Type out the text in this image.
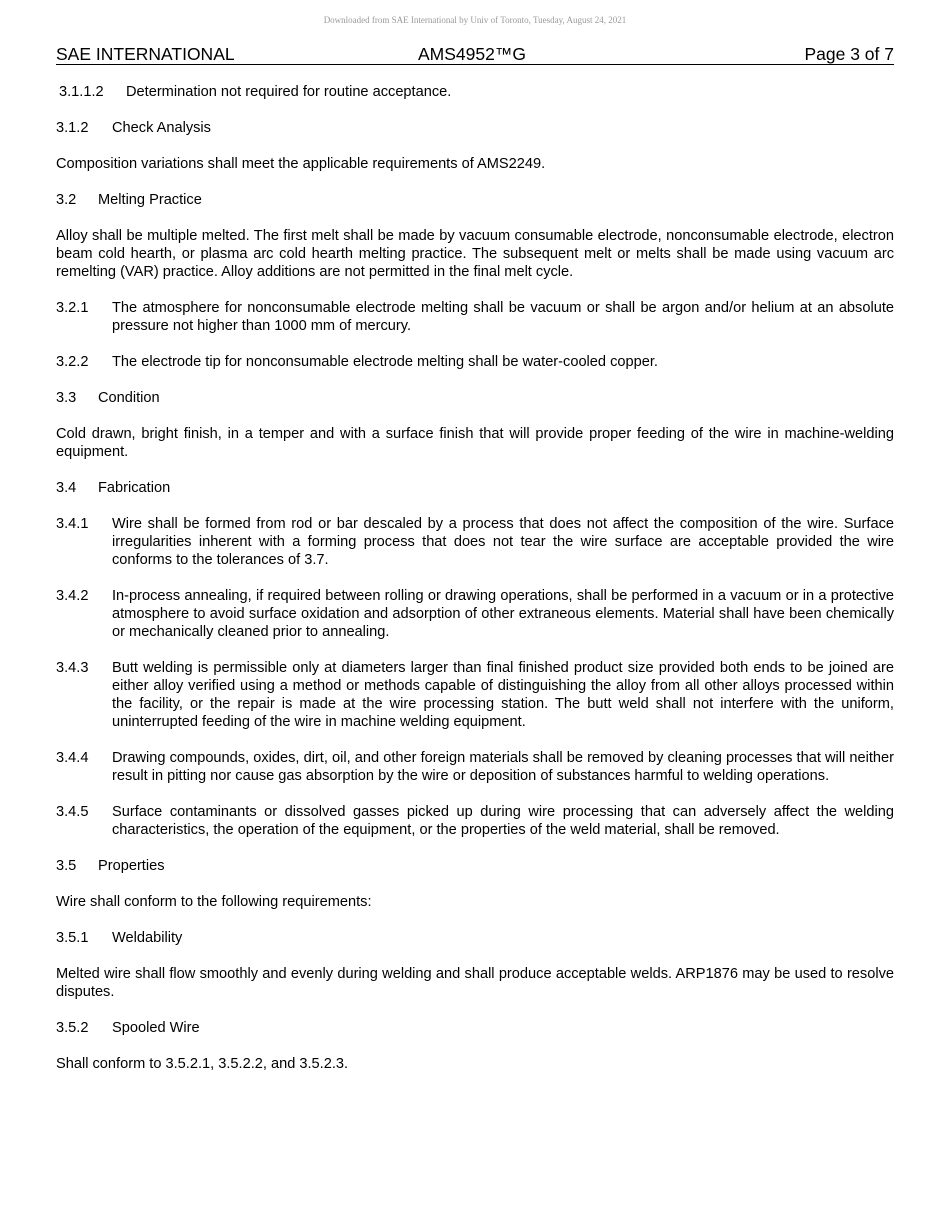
Downloaded from SAE International by Univ of Toronto, Tuesday, August 24, 2021
SAE INTERNATIONAL	AMS4952™G	Page 3 of 7
3.1.1.2	Determination not required for routine acceptance.
3.1.2	Check Analysis
Composition variations shall meet the applicable requirements of AMS2249.
3.2	Melting Practice
Alloy shall be multiple melted. The first melt shall be made by vacuum consumable electrode, nonconsumable electrode, electron beam cold hearth, or plasma arc cold hearth melting practice. The subsequent melt or melts shall be made using vacuum arc remelting (VAR) practice. Alloy additions are not permitted in the final melt cycle.
3.2.1	The atmosphere for nonconsumable electrode melting shall be vacuum or shall be argon and/or helium at an absolute pressure not higher than 1000 mm of mercury.
3.2.2	The electrode tip for nonconsumable electrode melting shall be water-cooled copper.
3.3	Condition
Cold drawn, bright finish, in a temper and with a surface finish that will provide proper feeding of the wire in machine-welding equipment.
3.4	Fabrication
3.4.1	Wire shall be formed from rod or bar descaled by a process that does not affect the composition of the wire. Surface irregularities inherent with a forming process that does not tear the wire surface are acceptable provided the wire conforms to the tolerances of 3.7.
3.4.2	In-process annealing, if required between rolling or drawing operations, shall be performed in a vacuum or in a protective atmosphere to avoid surface oxidation and adsorption of other extraneous elements. Material shall have been chemically or mechanically cleaned prior to annealing.
3.4.3	Butt welding is permissible only at diameters larger than final finished product size provided both ends to be joined are either alloy verified using a method or methods capable of distinguishing the alloy from all other alloys processed within the facility, or the repair is made at the wire processing station. The butt weld shall not interfere with the uniform, uninterrupted feeding of the wire in machine welding equipment.
3.4.4	Drawing compounds, oxides, dirt, oil, and other foreign materials shall be removed by cleaning processes that will neither result in pitting nor cause gas absorption by the wire or deposition of substances harmful to welding operations.
3.4.5	Surface contaminants or dissolved gasses picked up during wire processing that can adversely affect the welding characteristics, the operation of the equipment, or the properties of the weld material, shall be removed.
3.5	Properties
Wire shall conform to the following requirements:
3.5.1	Weldability
Melted wire shall flow smoothly and evenly during welding and shall produce acceptable welds. ARP1876 may be used to resolve disputes.
3.5.2	Spooled Wire
Shall conform to 3.5.2.1, 3.5.2.2, and 3.5.2.3.
